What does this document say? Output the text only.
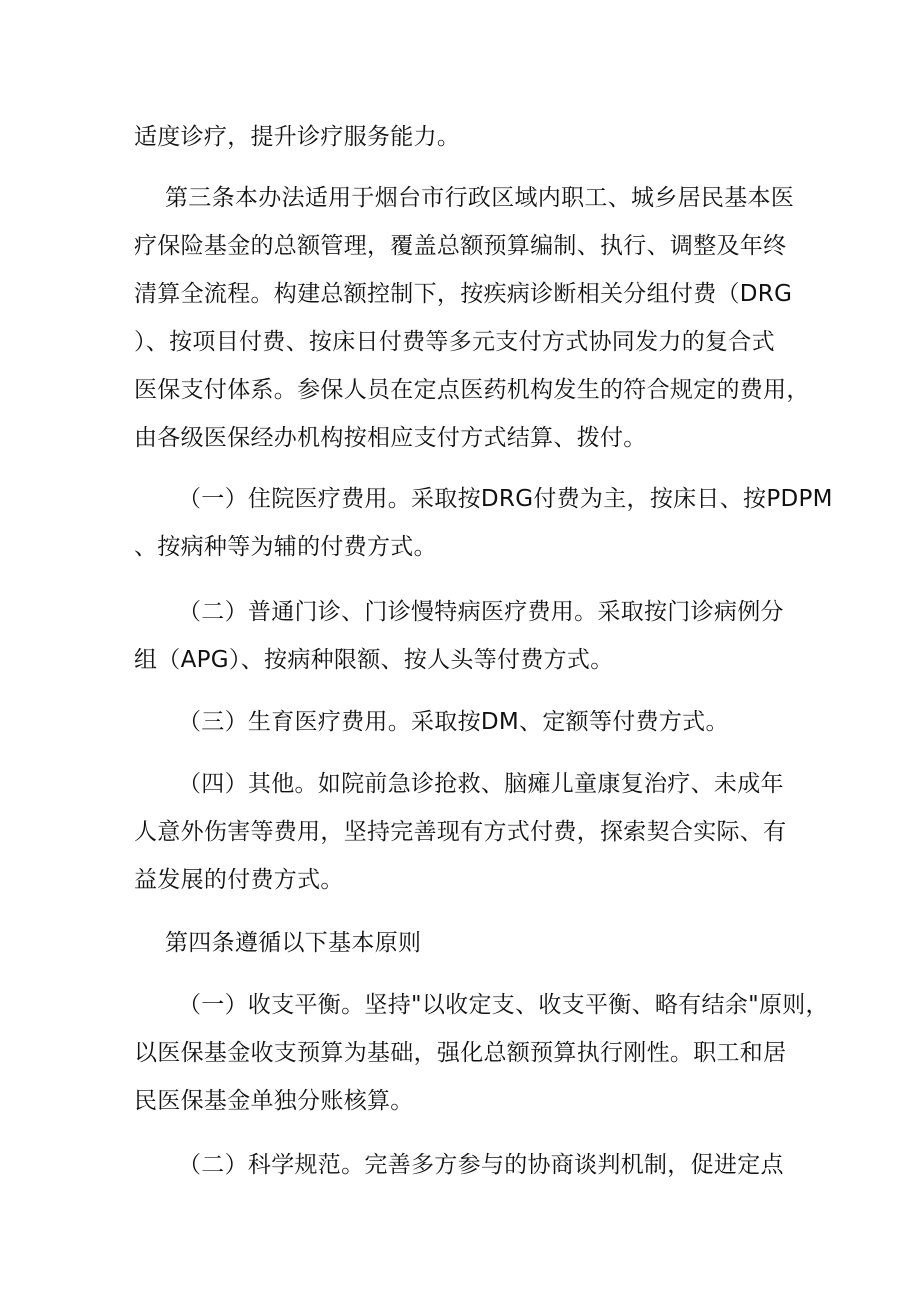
适度诊疗，提升诊疗服务能力。
第三条本办法适用于烟台市行政区域内职工、城乡居民基本医
疗保险基金的总额管理，覆盖总额预算编制、执行、调整及年终
清算全流程。构建总额控制下，按疾病诊断相关分组付费（DRG
）、按项目付费、按床日付费等多元支付方式协同发力的复合式
医保支付体系。参保人员在定点医药机构发生的符合规定的费用，
由各级医保经办机构按相应支付方式结算、拨付。
（一）住院医疗费用。采取按DRG付费为主，按床日、按PDPM
、按病种等为辅的付费方式。
（二）普通门诊、门诊慢特病医疗费用。采取按门诊病例分
组（APG）、按病种限额、按人头等付费方式。
（三）生育医疗费用。采取按DM、定额等付费方式。
（四）其他。如院前急诊抢救、脑瘫儿童康复治疗、未成年
人意外伤害等费用，坚持完善现有方式付费，探索契合实际、有
益发展的付费方式。
第四条遵循以下基本原则
（一）收支平衡。坚持"以收定支、收支平衡、略有结余"原则，
以医保基金收支预算为基础，强化总额预算执行刚性。职工和居
民医保基金单独分账核算。
（二）科学规范。完善多方参与的协商谈判机制，促进定点
